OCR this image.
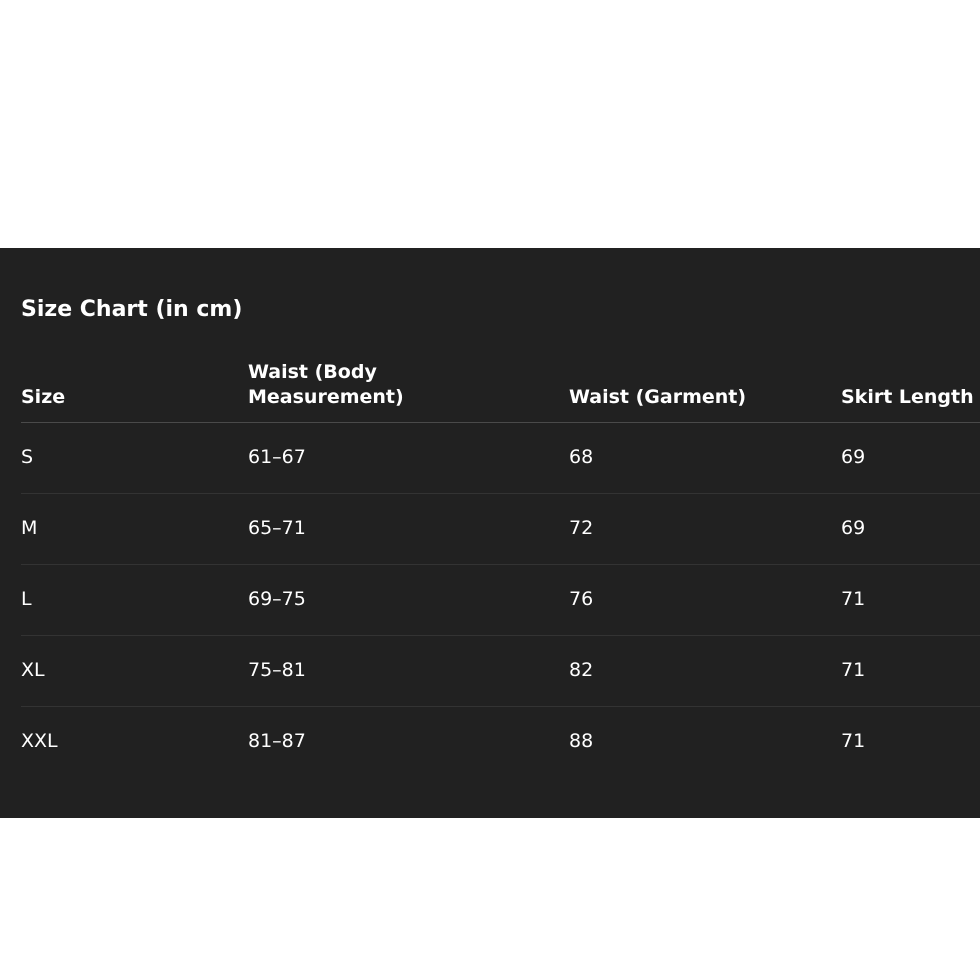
Size Chart (in cm)
Size	Waist (Body Measurement)	Waist (Garment)	Skirt Length
S	61–67	68	69
M	65–71	72	69
L	69–75	76	71
XL	75–81	82	71
XXL	81–87	88	71
